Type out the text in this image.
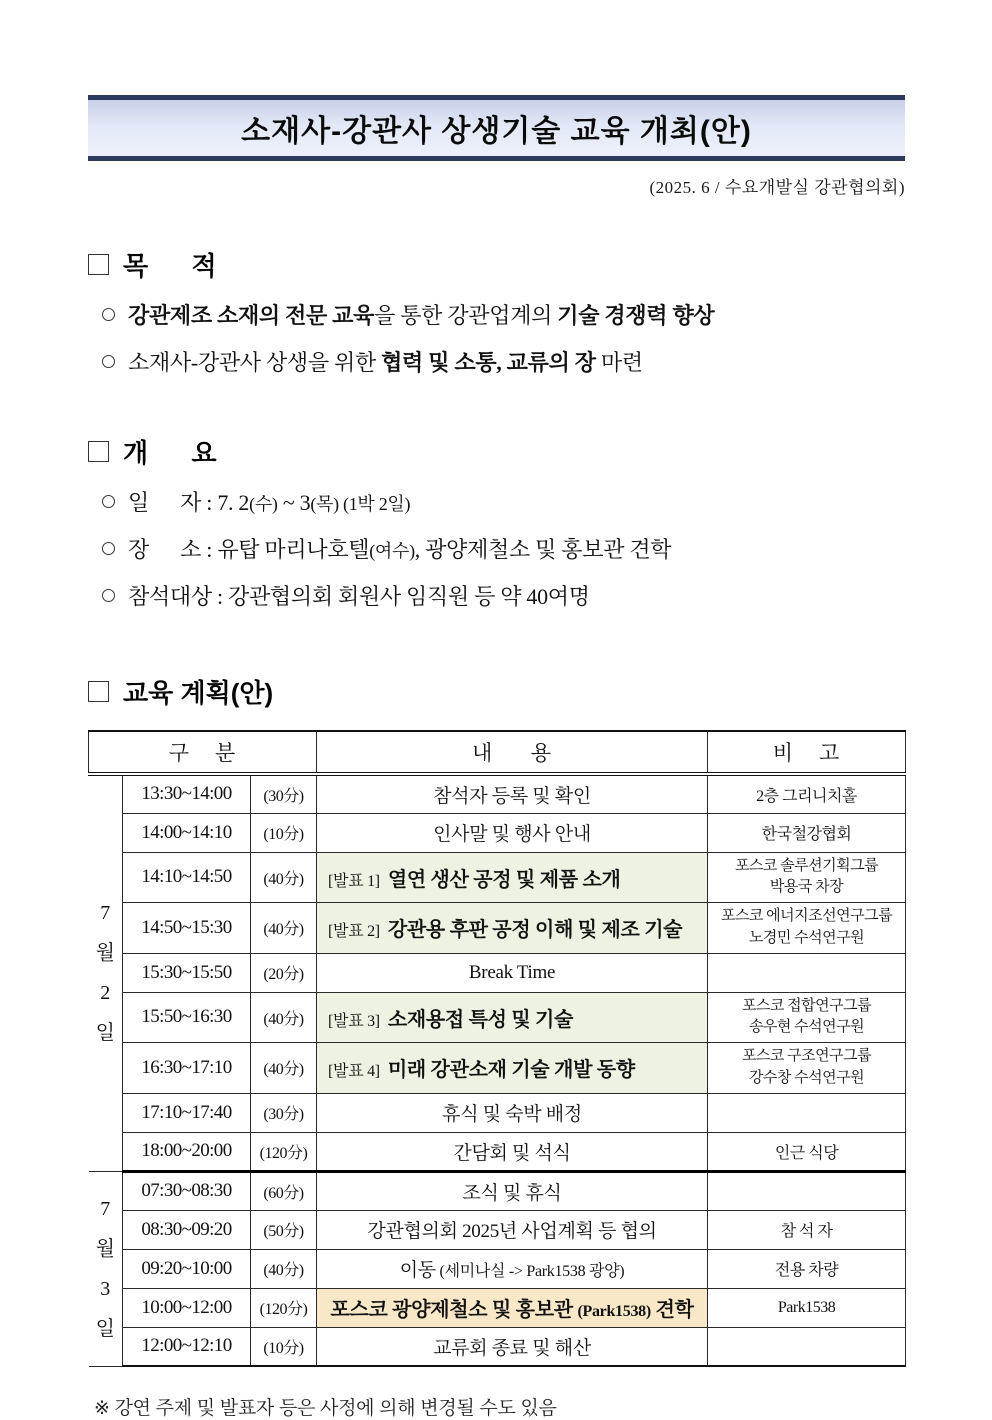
소재사-강관사 상생기술 교육 개최(안)
(2025. 6 / 수요개발실 강관협의회)
목      적
강관제조 소재의 전문 교육을 통한 강관업계의 기술 경쟁력 향상
소재사-강관사 상생을 위한 협력 및 소통, 교류의 장 마련
개      요
일      자 : 7. 2(수) ~ 3(목) (1박 2일)
장      소 : 유탑 마리나호텔(여수), 광양제철소 및 홍보관 견학
참석대상 : 강관협의회 회원사 임직원 등 약 40여명
교육 계획(안)
구    분			내      용	비    고

7
월
2
일	13:30~14:00	(30分)	참석자 등록 및 확인	2층 그리니치홀
	14:00~14:10	(10分)	인사말 및 행사 안내	한국철강협회
	14:10~14:50	(40分)	[발표 1] 열연 생산 공정 및 제품 소개	포스코 솔루션기획그룹
박용국 차장

	14:50~15:30	(40分)	[발표 2] 강관용 후판 공정 이해 및 제조 기술	포스코 에너지조선연구그룹
노경민 수석연구원

	15:30~15:50	(20分)	Break Time	
	15:50~16:30	(40分)	[발표 3] 소재용접 특성 및 기술	포스코 접합연구그룹
송우현 수석연구원

	16:30~17:10	(40分)	[발표 4] 미래 강관소재 기술 개발 동향	포스코 구조연구그룹
강수창 수석연구원

	17:10~17:40	(30分)	휴식 및 숙박 배정	
	18:00~20:00	(120分)	간담회 및 석식	인근 식당

7
월
3
일	07:30~08:30	(60分)	조식 및 휴식	
	08:30~09:20	(50分)	강관협의회 2025년 사업계획 등 협의	참 석 자
	09:20~10:00	(40分)	이동 (세미나실 -> Park1538 광양)	전용 차량
	10:00~12:00	(120分)	포스코 광양제철소 및 홍보관 (Park1538) 견학	Park1538
	12:00~12:10	(10分)	교류회 종료 및 해산	
※ 강연 주제 및 발표자 등은 사정에 의해 변경될 수도 있음
